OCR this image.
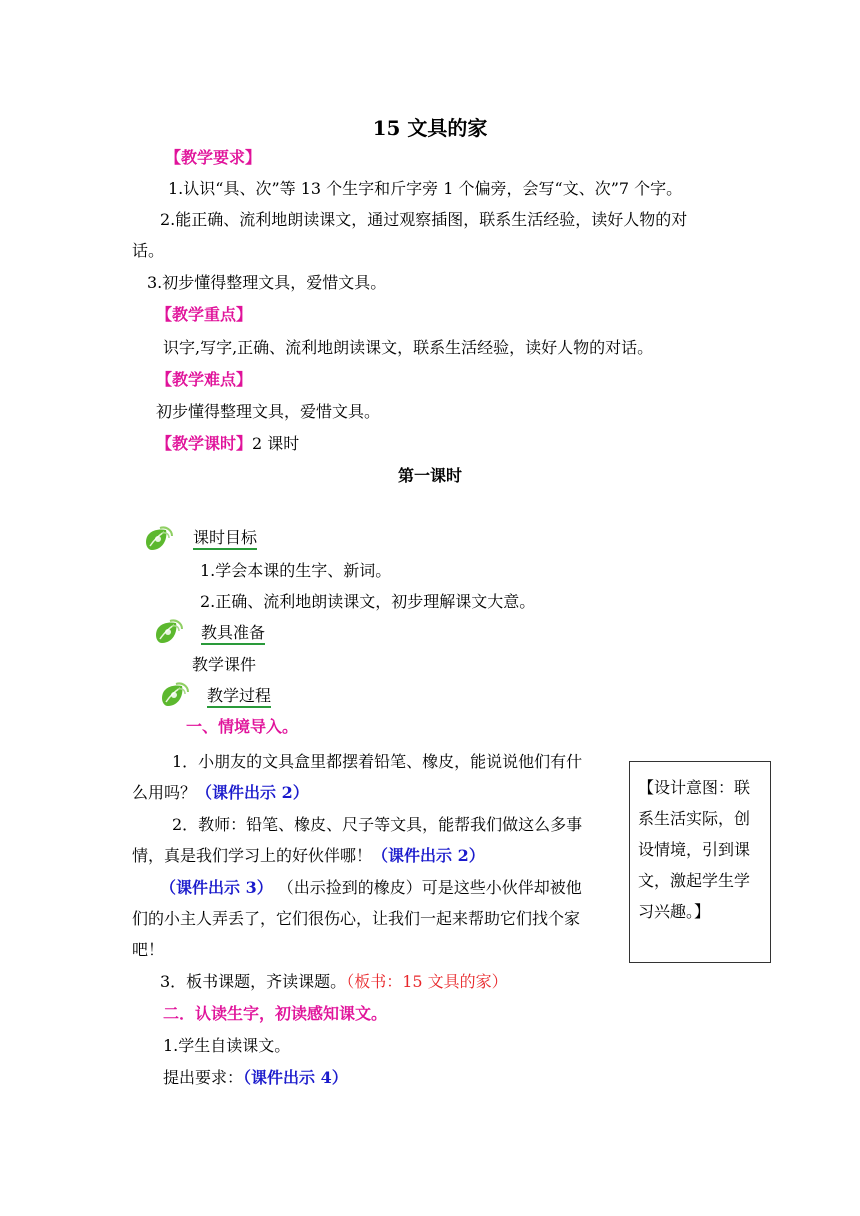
15 文具的家
【教学要求】
1.认识“具、次”等 13 个生字和斤字旁 1 个偏旁，会写“文、次”7 个字。
2.能正确、流利地朗读课文，通过观察插图，联系生活经验，读好人物的对
话。
3.初步懂得整理文具，爱惜文具。
【教学重点】
识字,写字,正确、流利地朗读课文，联系生活经验，读好人物的对话。
【教学难点】
初步懂得整理文具，爱惜文具。
【教学课时】2 课时
第一课时
课时目标
1.学会本课的生字、新词。
2.正确、流利地朗读课文，初步理解课文大意。
教具准备
教学课件
教学过程
一、情境导入。
1．小朋友的文具盒里都摆着铅笔、橡皮，能说说他们有什
么用吗？（课件出示 2）
2．教师：铅笔、橡皮、尺子等文具，能帮我们做这么多事
情，真是我们学习上的好伙伴哪！（课件出示 2）
（课件出示 3） （出示捡到的橡皮）可是这些小伙伴却被他
们的小主人弄丢了，它们很伤心，让我们一起来帮助它们找个家
吧！
3．板书课题，齐读课题。（板书：15 文具的家）
二．认读生字，初读感知课文。
1.学生自读课文。
提出要求：（课件出示 4）
【设计意图：联系生活实际，创设情境，引到课文，激起学生学习兴趣。】
